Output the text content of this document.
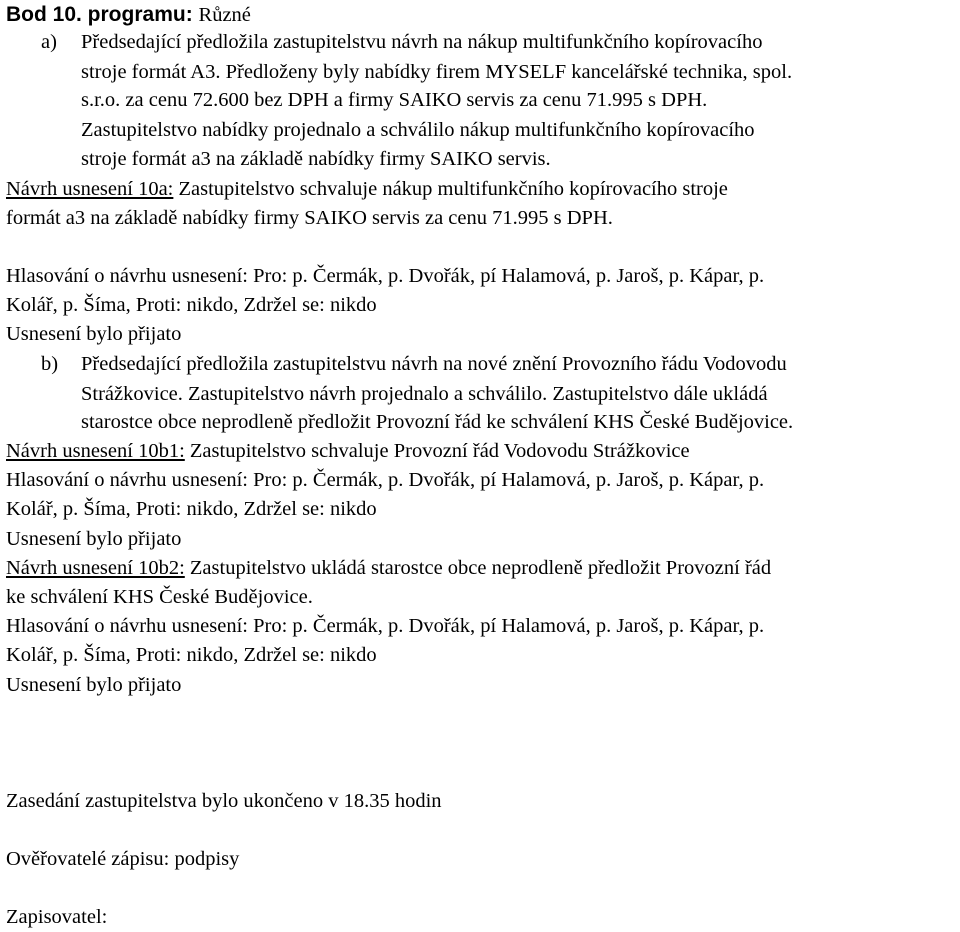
Bod 10. programu: Různé
a) Předsedající předložila zastupitelstvu návrh na nákup multifunkčního kopírovacího
stroje formát A3. Předloženy byly nabídky firem MYSELF kancelářské technika, spol.
s.r.o. za cenu 72.600 bez DPH a firmy SAIKO servis za cenu 71.995 s DPH.
Zastupitelstvo nabídky projednalo a schválilo nákup multifunkčního kopírovacího
stroje formát a3 na základě nabídky firmy SAIKO servis.
Návrh usnesení 10a: Zastupitelstvo schvaluje nákup multifunkčního kopírovacího stroje
formát a3 na základě nabídky firmy SAIKO servis za cenu 71.995 s DPH.
Hlasování o návrhu usnesení: Pro: p. Čermák, p. Dvořák, pí Halamová, p. Jaroš, p. Kápar, p.
Kolář, p. Šíma, Proti: nikdo, Zdržel se: nikdo
Usnesení bylo přijato
b) Předsedající předložila zastupitelstvu návrh na nové znění Provozního řádu Vodovodu
Strážkovice. Zastupitelstvo návrh projednalo a schválilo. Zastupitelstvo dále ukládá
starostce obce neprodleně předložit Provozní řád ke schválení KHS České Budějovice.
Návrh usnesení 10b1: Zastupitelstvo schvaluje Provozní řád Vodovodu Strážkovice
Hlasování o návrhu usnesení: Pro: p. Čermák, p. Dvořák, pí Halamová, p. Jaroš, p. Kápar, p.
Kolář, p. Šíma, Proti: nikdo, Zdržel se: nikdo
Usnesení bylo přijato
Návrh usnesení 10b2: Zastupitelstvo ukládá starostce obce neprodleně předložit Provozní řád
ke schválení KHS České Budějovice.
Hlasování o návrhu usnesení: Pro: p. Čermák, p. Dvořák, pí Halamová, p. Jaroš, p. Kápar, p.
Kolář, p. Šíma, Proti: nikdo, Zdržel se: nikdo
Usnesení bylo přijato
Zasedání zastupitelstva bylo ukončeno v 18.35 hodin
Ověřovatelé zápisu: podpisy
Zapisovatel:
